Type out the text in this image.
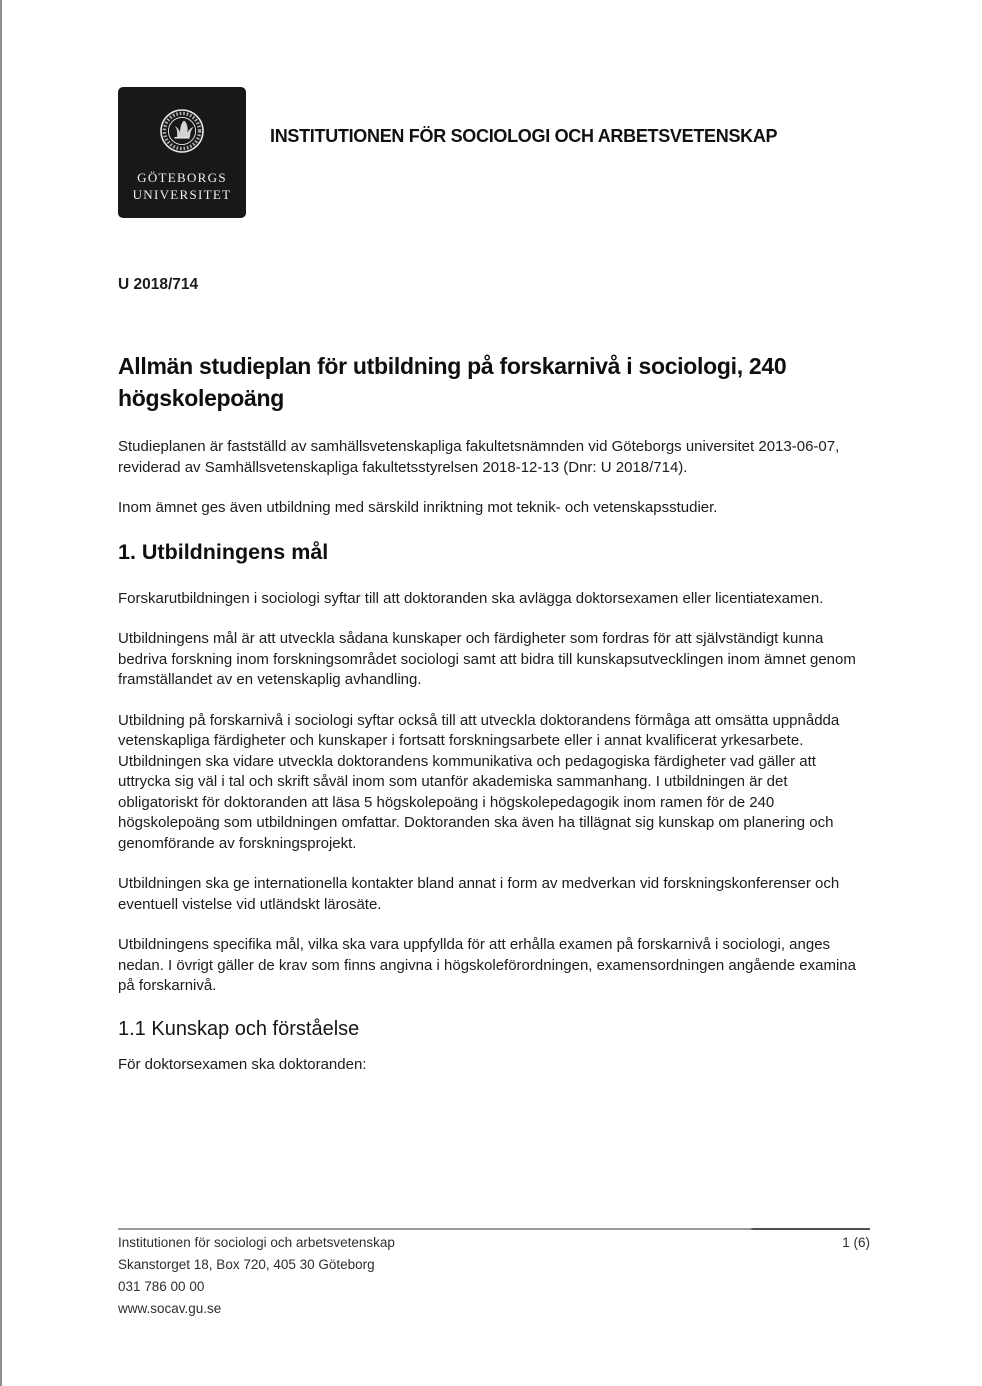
GÖTEBORGS
UNIVERSITET
INSTITUTIONEN FÖR SOCIOLOGI OCH ARBETSVETENSKAP
U 2018/714
Allmän studieplan för utbildning på forskarnivå i sociologi, 240 högskolepoäng

Studieplanen är fastställd av samhällsvetenskapliga fakultetsnämnden vid Göteborgs universitet 2013-06-07, reviderad av Samhällsvetenskapliga fakultetsstyrelsen 2018-12-13 (Dnr: U 2018/714).

Inom ämnet ges även utbildning med särskild inriktning mot teknik- och vetenskapsstudier.

1. Utbildningens mål

Forskarutbildningen i sociologi syftar till att doktoranden ska avlägga doktorsexamen eller licentiatexamen.

Utbildningens mål är att utveckla sådana kunskaper och färdigheter som fordras för att självständigt kunna bedriva forskning inom forskningsområdet sociologi samt att bidra till kunskapsutvecklingen inom ämnet genom framställandet av en vetenskaplig avhandling.

Utbildning på forskarnivå i sociologi syftar också till att utveckla doktorandens förmåga att omsätta uppnådda vetenskapliga färdigheter och kunskaper i fortsatt forskningsarbete eller i annat kvalificerat yrkesarbete. Utbildningen ska vidare utveckla doktorandens kommunikativa och pedagogiska färdigheter vad gäller att uttrycka sig väl i tal och skrift såväl inom som utanför akademiska sammanhang. I utbildningen är det obligatoriskt för doktoranden att läsa 5 högskolepoäng i högskolepedagogik inom ramen för de 240 högskolepoäng som utbildningen omfattar. Doktoranden ska även ha tillägnat sig kunskap om planering och genomförande av forskningsprojekt.

Utbildningen ska ge internationella kontakter bland annat i form av medverkan vid forskningskonferenser och eventuell vistelse vid utländskt lärosäte.

Utbildningens specifika mål, vilka ska vara uppfyllda för att erhålla examen på forskarnivå i sociologi, anges nedan. I övrigt gäller de krav som finns angivna i högskoleförordningen, examensordningen angående examina på forskarnivå.

1.1 Kunskap och förståelse

För doktorsexamen ska doktoranden:

Institutionen för sociologi och arbetsvetenskap	1 (6)
Skanstorget 18, Box 720, 405 30 Göteborg
031 786 00 00
www.socav.gu.se
